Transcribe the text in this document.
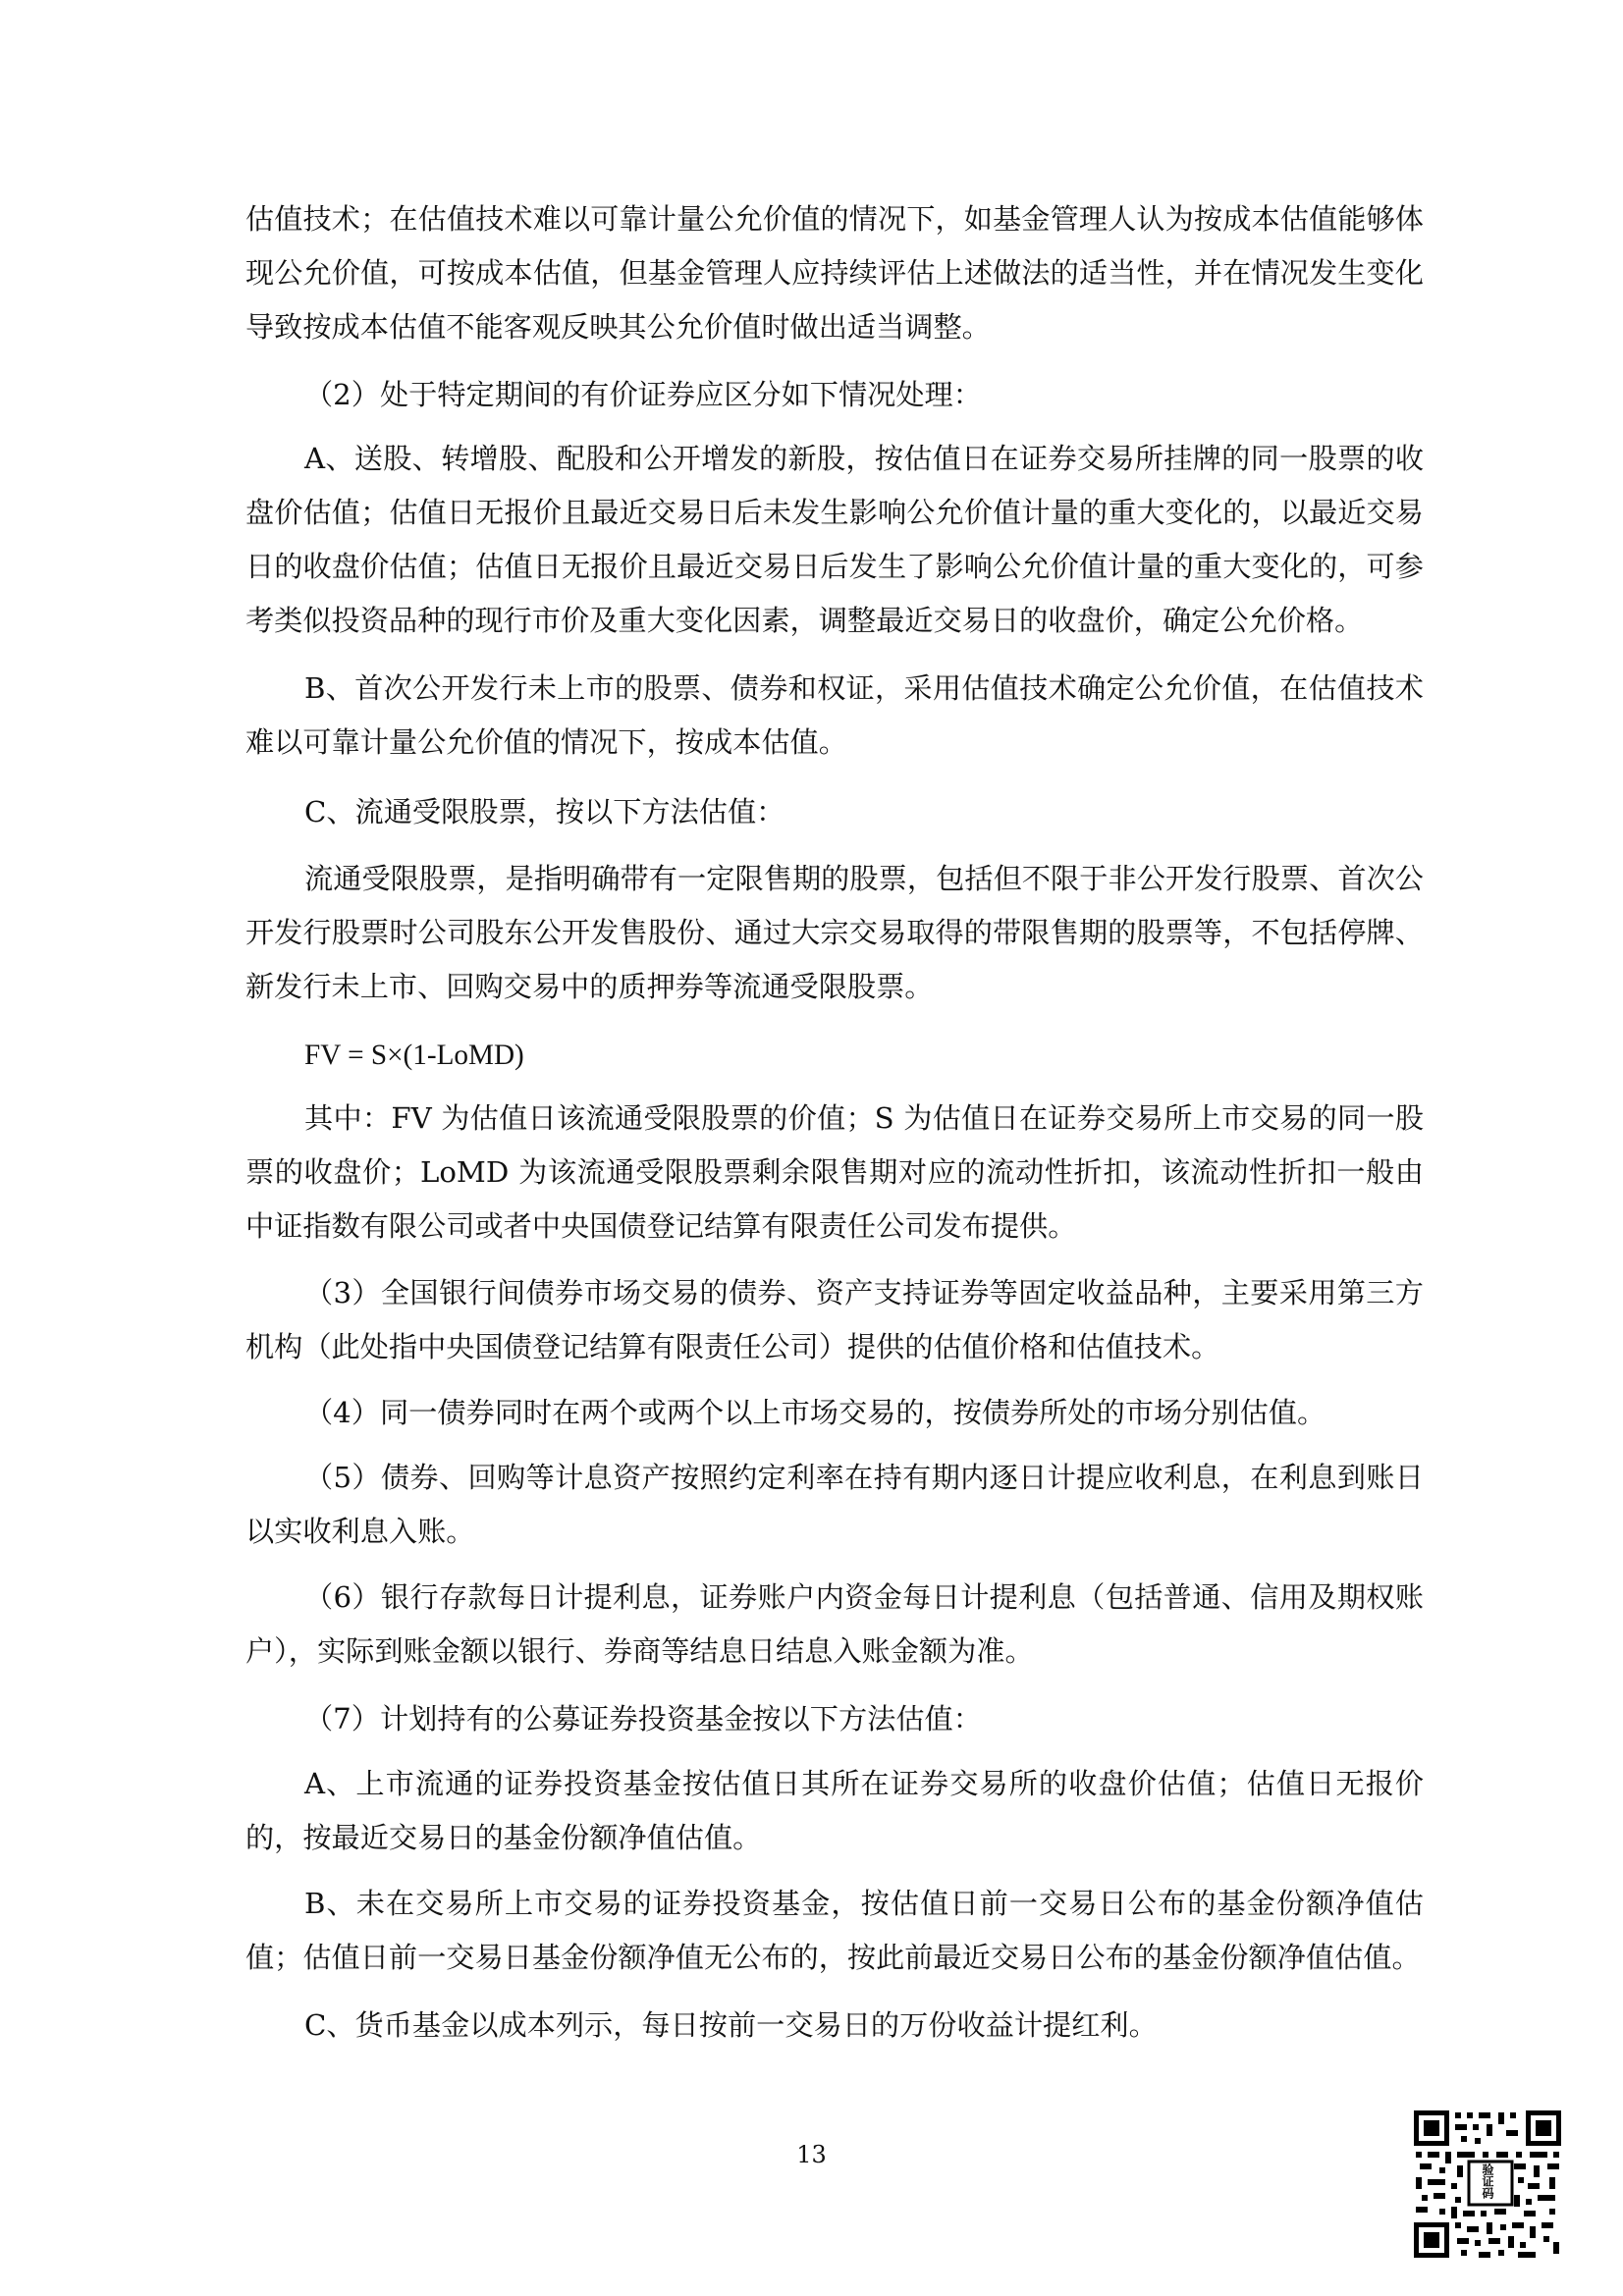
估值技术；在估值技术难以可靠计量公允价值的情况下，如基金管理人认为按成本估值能够体现公允价值，可按成本估值，但基金管理人应持续评估上述做法的适当性，并在情况发生变化导致按成本估值不能客观反映其公允价值时做出适当调整。

（2）处于特定期间的有价证券应区分如下情况处理：

A、送股、转增股、配股和公开增发的新股，按估值日在证券交易所挂牌的同一股票的收盘价估值；估值日无报价且最近交易日后未发生影响公允价值计量的重大变化的，以最近交易日的收盘价估值；估值日无报价且最近交易日后发生了影响公允价值计量的重大变化的，可参考类似投资品种的现行市价及重大变化因素，调整最近交易日的收盘价，确定公允价格。

B、首次公开发行未上市的股票、债券和权证，采用估值技术确定公允价值，在估值技术难以可靠计量公允价值的情况下，按成本估值。

C、流通受限股票，按以下方法估值：

流通受限股票，是指明确带有一定限售期的股票，包括但不限于非公开发行股票、首次公开发行股票时公司股东公开发售股份、通过大宗交易取得的带限售期的股票等，不包括停牌、新发行未上市、回购交易中的质押券等流通受限股票。

FV = S×(1-LoMD)

其中：FV 为估值日该流通受限股票的价值；S 为估值日在证券交易所上市交易的同一股票的收盘价；LoMD 为该流通受限股票剩余限售期对应的流动性折扣，该流动性折扣一般由中证指数有限公司或者中央国债登记结算有限责任公司发布提供。

（3）全国银行间债券市场交易的债券、资产支持证券等固定收益品种，主要采用第三方机构（此处指中央国债登记结算有限责任公司）提供的估值价格和估值技术。

（4）同一债券同时在两个或两个以上市场交易的，按债券所处的市场分别估值。

（5）债券、回购等计息资产按照约定利率在持有期内逐日计提应收利息，在利息到账日以实收利息入账。

（6）银行存款每日计提利息，证券账户内资金每日计提利息（包括普通、信用及期权账户），实际到账金额以银行、券商等结息日结息入账金额为准。

（7）计划持有的公募证券投资基金按以下方法估值：

A、上市流通的证券投资基金按估值日其所在证券交易所的收盘价估值；估值日无报价的，按最近交易日的基金份额净值估值。

B、未在交易所上市交易的证券投资基金，按估值日前一交易日公布的基金份额净值估值；估值日前一交易日基金份额净值无公布的，按此前最近交易日公布的基金份额净值估值。

C、货币基金以成本列示，每日按前一交易日的万份收益计提红利。

13
验证码
